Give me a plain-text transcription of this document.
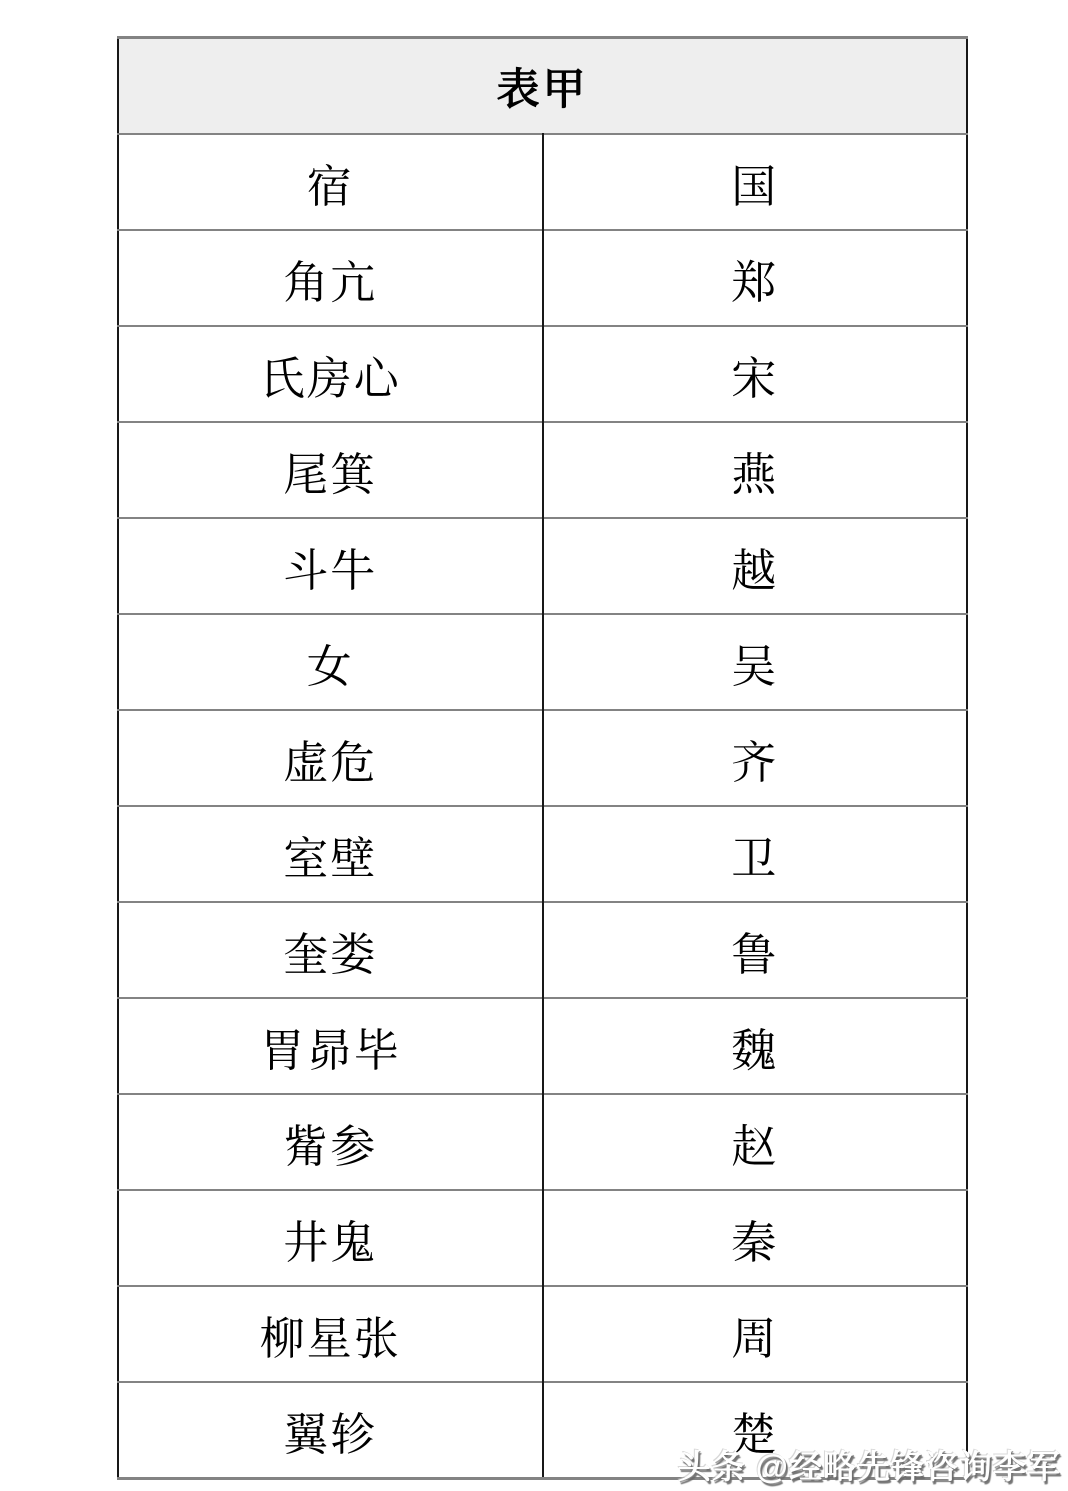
表甲	
宿	国
角亢	郑
氏房心	宋
尾箕	燕
斗牛	越
女	吴
虚危	齐
室壁	卫
奎娄	鲁
胃昴毕	魏
觜参	赵
井鬼	秦
柳星张	周
翼轸	楚
头条 @经略先锋咨询李军
